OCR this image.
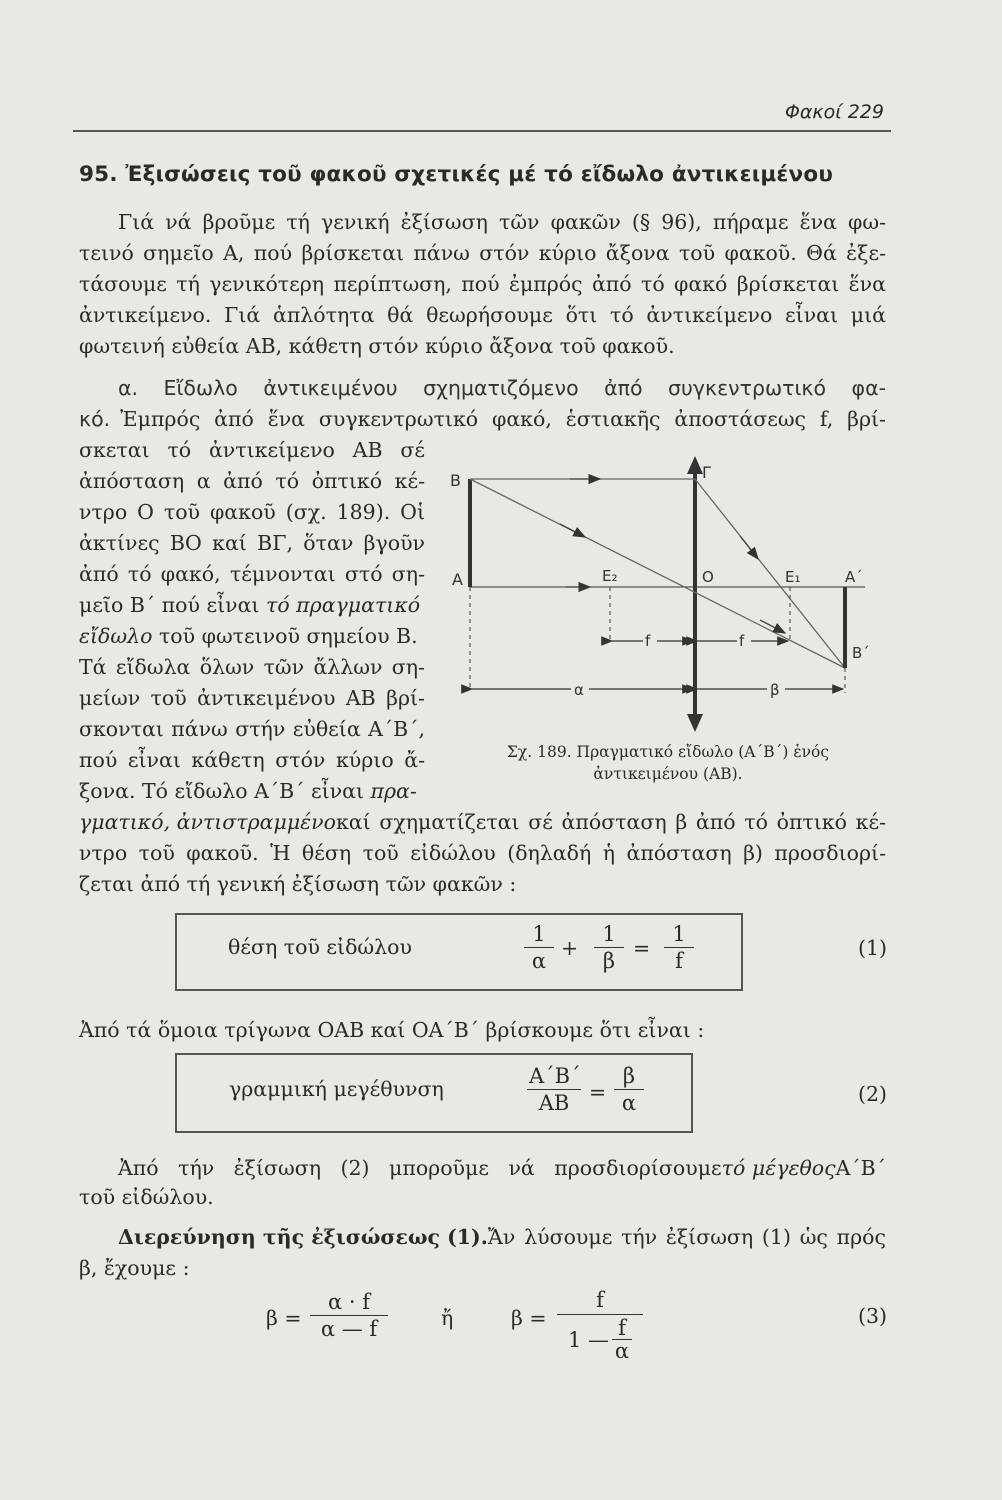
Φακοί 229
95. Ἐξισώσεις τοῦ φακοῦ σχετικές μέ τό εἴδωλο ἀντικειμένου
Γιά νά βροῦμε τή γενική ἐξίσωση τῶν φακῶν (§ 96), πήραμε ἕνα φω-
τεινό σημεῖο Α, πού βρίσκεται πάνω στόν κύριο ἄξονα τοῦ φακοῦ. Θά ἐξε-
τάσουμε τή γενικότερη περίπτωση, πού ἐμπρός ἀπό τό φακό βρίσκεται ἕνα
ἀντικείμενο. Γιά ἁπλότητα θά θεωρήσουμε ὅτι τό ἀντικείμενο εἶναι μιά
φωτεινή εὐθεία ΑΒ, κάθετη στόν κύριο ἄξονα τοῦ φακοῦ.
α. Εἴδωλο ἀντικειμένου σχηματιζόμενο ἀπό συγκεντρωτικό φα-
κό. Ἐμπρός ἀπό ἕνα συγκεντρωτικό φακό, ἑστιακῆς ἀποστάσεως f, βρί-
σκεται τό ἀντικείμενο ΑΒ σέ
ἀπόσταση α ἀπό τό ὀπτικό κέ-
ντρο Ο τοῦ φακοῦ (σχ. 189). Οἱ
ἀκτίνες ΒΟ καί ΒΓ, ὅταν βγοῦν
ἀπό τό φακό, τέμνονται στό ση-
μεῖο Β΄ πού εἶναι τό πραγματικό
εἴδωλο τοῦ φωτεινοῦ σημείου Β.
Τά εἴδωλα ὅλων τῶν ἄλλων ση-
μείων τοῦ ἀντικειμένου ΑΒ βρί-
σκονται πάνω στήν εὐθεία Α΄Β΄,
πού εἶναι κάθετη στόν κύριο ἄ-
ξονα. Τό εἴδωλο Α΄Β΄ εἶναι πρα-
Β	Γ
Α	Ε₂	Ο	Ε₁	Α΄
Β΄
f	f
α	β
Σχ. 189. Πραγματικό εἴδωλο (Α΄Β΄) ἑνός
ἀντικειμένου (ΑΒ).
γματικό, ἀντιστραμμένο καί σχηματίζεται σέ ἀπόσταση β ἀπό τό ὀπτικό κέ-
ντρο τοῦ φακοῦ. Ἡ θέση τοῦ εἰδώλου (δηλαδή ἡ ἀπόσταση β) προσδιορί-
ζεται ἀπό τή γενική ἐξίσωση τῶν φακῶν :
θέση τοῦ εἰδώλου	$\frac{1}{\alpha} + \frac{1}{\beta} = \frac{1}{f}$	(1)
Ἀπό τά ὅμοια τρίγωνα ΟΑΒ καί ΟΑ΄Β΄ βρίσκουμε ὅτι εἶναι :
γραμμική μεγέθυνση	$\frac{A΄B΄}{AB} = \frac{\beta}{\alpha}$	(2)
Ἀπό τήν ἐξίσωση (2) μποροῦμε νά προσδιορίσουμε τό μέγεθος Α΄Β΄
τοῦ εἰδώλου.
Διερεύνηση τῆς ἐξισώσεως (1). Ἄν λύσουμε τήν ἐξίσωση (1) ὡς πρός
β, ἔχουμε :
$\beta = \frac{\alpha \cdot f}{\alpha — f}$	ἤ	β = f
1 — f
α	(3)
